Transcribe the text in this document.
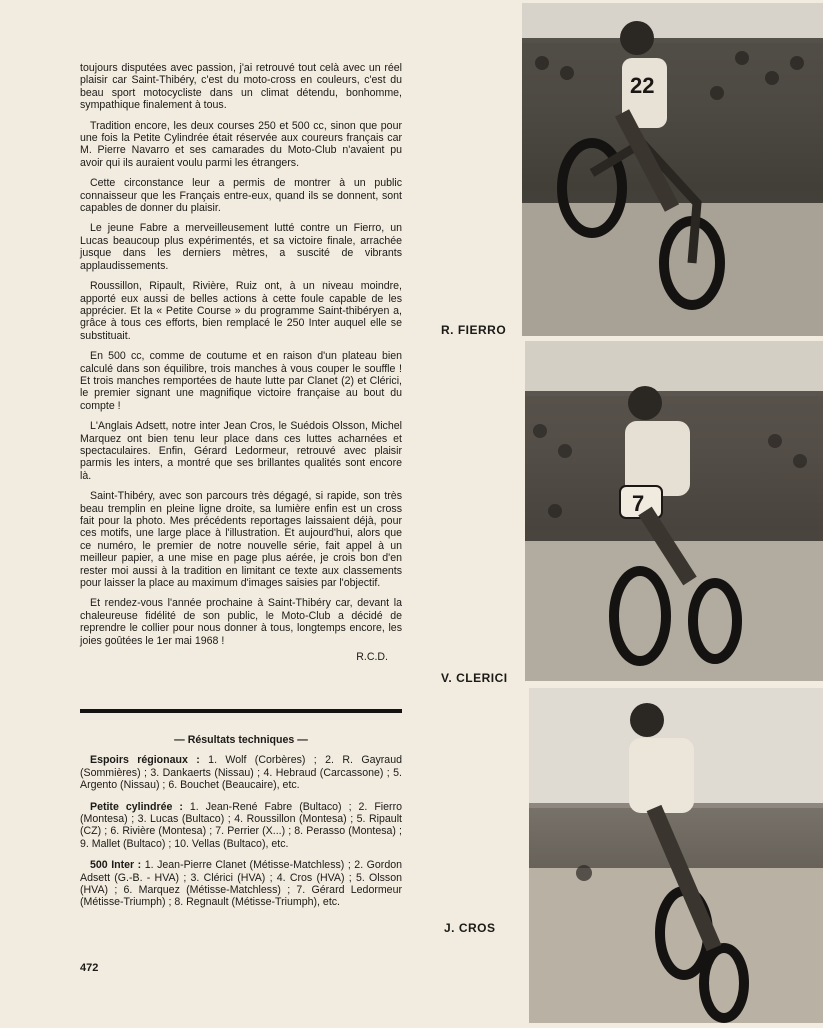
toujours disputées avec passion, j'ai retrouvé tout celà avec un réel plaisir car Saint-Thibéry, c'est du moto-cross en couleurs, c'est du beau sport motocycliste dans un climat détendu, bonhomme, sympathique finalement à tous.

Tradition encore, les deux courses 250 et 500 cc, sinon que pour une fois la Petite Cylindrée était réservée aux coureurs français car M. Pierre Navarro et ses camarades du Moto-Club n'avaient pu avoir qui ils auraient voulu parmi les étrangers.

Cette circonstance leur a permis de montrer à un public connaisseur que les Français entre-eux, quand ils se donnent, sont capables de donner du plaisir.

Le jeune Fabre a merveilleusement lutté contre un Fierro, un Lucas beaucoup plus expérimentés, et sa victoire finale, arrachée jusque dans les derniers mètres, a suscité de vibrants applaudissements.

Roussillon, Ripault, Rivière, Ruiz ont, à un niveau moindre, apporté eux aussi de belles actions à cette foule capable de les apprécier. Et la « Petite Course » du programme Saint-thibéryen a, grâce à tous ces efforts, bien remplacé le 250 Inter auquel elle se substituait.

En 500 cc, comme de coutume et en raison d'un plateau bien calculé dans son équilibre, trois manches à vous couper le souffle ! Et trois manches remportées de haute lutte par Clanet (2) et Clérici, le premier signant une magnifique victoire française au bout du compte !

L'Anglais Adsett, notre inter Jean Cros, le Suédois Olsson, Michel Marquez ont bien tenu leur place dans ces luttes acharnées et spectaculaires. Enfin, Gérard Ledormeur, retrouvé avec plaisir parmis les inters, a montré que ses brillantes qualités sont encore là.

Saint-Thibéry, avec son parcours très dégagé, si rapide, son très beau tremplin en pleine ligne droite, sa lumière enfin est un cross fait pour la photo. Mes précédents reportages laissaient déjà, pour ces motifs, une large place à l'illustration. Et aujourd'hui, alors que ce numéro, le premier de notre nouvelle série, fait appel à un meilleur papier, a une mise en page plus aérée, je crois bon d'en rester moi aussi à la tradition en limitant ce texte aux classements pour laisser la place au maximum d'images saisies par l'objectif.

Et rendez-vous l'année prochaine à Saint-Thibéry car, devant la chaleureuse fidélité de son public, le Moto-Club a décidé de reprendre le collier pour nous donner à tous, longtemps encore, les joies goûtées le 1er mai 1968 !

R.C.D.
— Résultats techniques —

Espoirs régionaux : 1. Wolf (Corbères) ; 2. R. Gayraud (Sommières) ; 3. Dankaerts (Nissau) ; 4. Hebraud (Carcassone) ; 5. Argento (Nissau) ; 6. Bouchet (Beaucaire), etc.

Petite cylindrée : 1. Jean-René Fabre (Bultaco) ; 2. Fierro (Montesa) ; 3. Lucas (Bultaco) ; 4. Roussillon (Montesa) ; 5. Ripault (CZ) ; 6. Rivière (Montesa) ; 7. Perrier (X...) ; 8. Perasso (Montesa) ; 9. Mallet (Bultaco) ; 10. Vellas (Bultaco), etc.

500 Inter : 1. Jean-Pierre Clanet (Métisse-Matchless) ; 2. Gordon Adsett (G.-B. - HVA) ; 3. Clérici (HVA) ; 4. Cros (HVA) ; 5. Olsson (HVA) ; 6. Marquez (Métisse-Matchless) ; 7. Gérard Ledormeur (Métisse-Triumph) ; 8. Regnault (Métisse-Triumph), etc.

472
22
R. FIERRO
7
V. CLERICI
J. CROS
